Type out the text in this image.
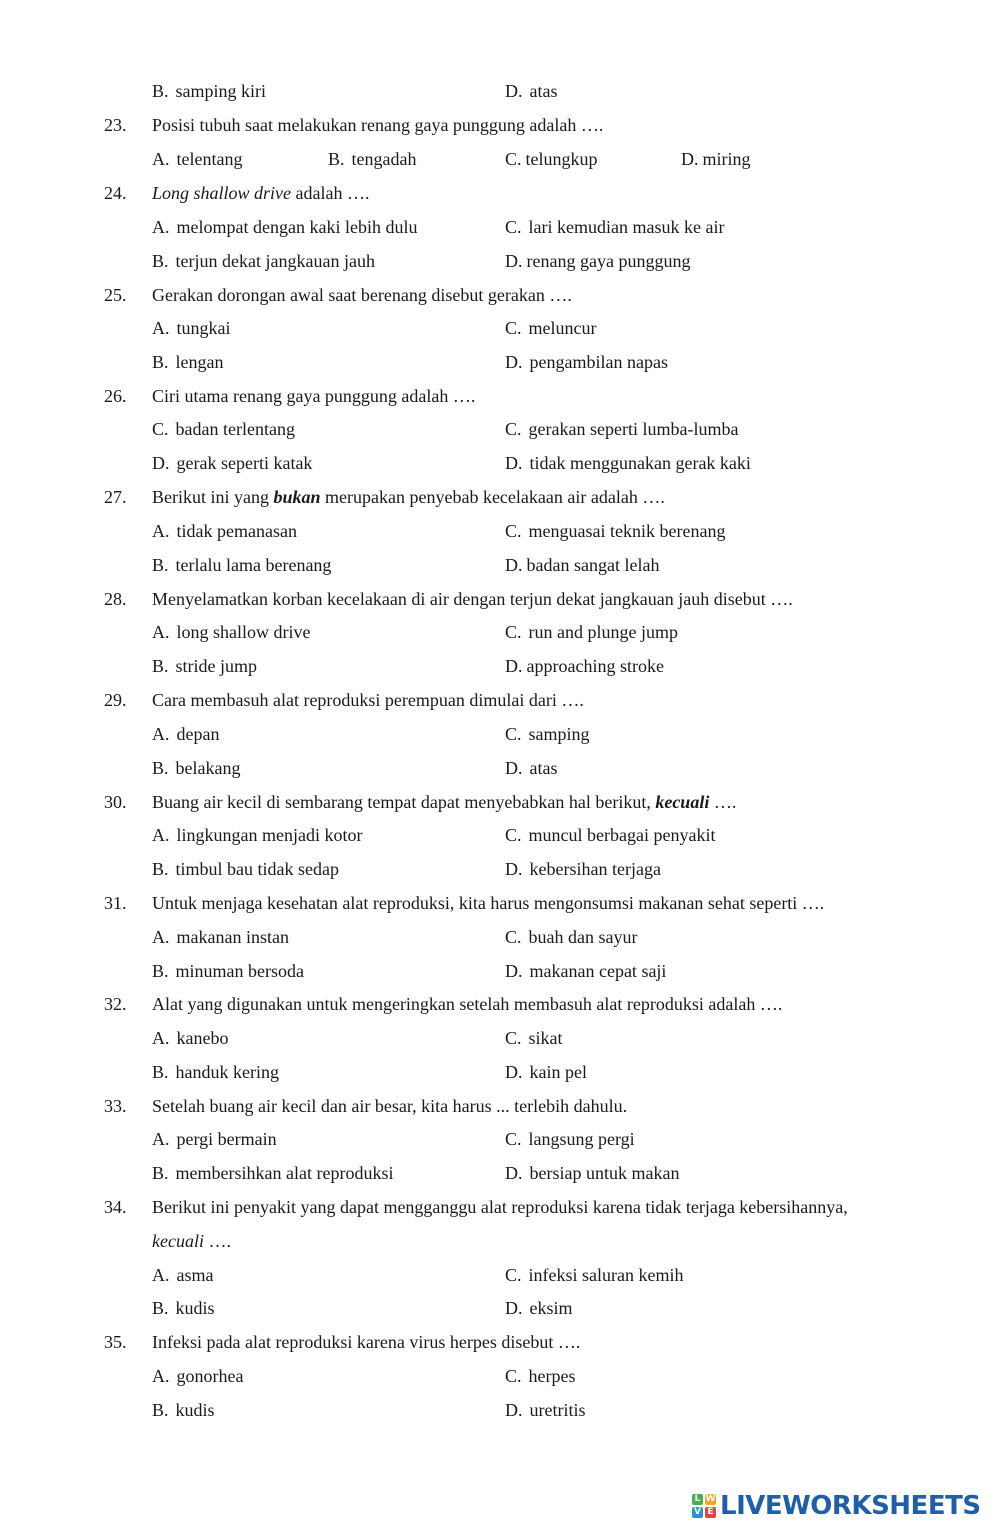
B. samping kiri	D. atas
23. Posisi tubuh saat melakukan renang gaya punggung adalah ….
A. telentang	B. tengadah	C. telungkup	D. miring
24. Long shallow drive adalah ….
A. melompat dengan kaki lebih dulu	C. lari kemudian masuk ke air
B. terjun dekat jangkauan jauh	D. renang gaya punggung
25. Gerakan dorongan awal saat berenang disebut gerakan ….
A. tungkai	C. meluncur
B. lengan	D. pengambilan napas
26. Ciri utama renang gaya punggung adalah ….
C. badan terlentang	C. gerakan seperti lumba-lumba
D. gerak seperti katak	D. tidak menggunakan gerak kaki
27. Berikut ini yang bukan merupakan penyebab kecelakaan air adalah ….
A. tidak pemanasan	C. menguasai teknik berenang
B. terlalu lama berenang	D. badan sangat lelah
28. Menyelamatkan korban kecelakaan di air dengan terjun dekat jangkauan jauh disebut ….
A. long shallow drive	C. run and plunge jump
B. stride jump	D. approaching stroke
29. Cara membasuh alat reproduksi perempuan dimulai dari ….
A. depan	C. samping
B. belakang	D. atas
30. Buang air kecil di sembarang tempat dapat menyebabkan hal berikut, kecuali ….
A. lingkungan menjadi kotor	C. muncul berbagai penyakit
B. timbul bau tidak sedap	D. kebersihan terjaga
31. Untuk menjaga kesehatan alat reproduksi, kita harus mengonsumsi makanan sehat seperti ….
A. makanan instan	C. buah dan sayur
B. minuman bersoda	D. makanan cepat saji
32. Alat yang digunakan untuk mengeringkan setelah membasuh alat reproduksi adalah ….
A. kanebo	C. sikat
B. handuk kering	D. kain pel
33. Setelah buang air kecil dan air besar, kita harus ... terlebih dahulu.
A. pergi bermain	C. langsung pergi
B. membersihkan alat reproduksi	D. bersiap untuk makan
34. Berikut ini penyakit yang dapat mengganggu alat reproduksi karena tidak terjaga kebersihannya,
kecuali ….
A. asma	C. infeksi saluran kemih
B. kudis	D. eksim
35. Infeksi pada alat reproduksi karena virus herpes disebut ….
A. gonorhea	C. herpes
B. kudis	D. uretritis
L W
V E LIVEWORKSHEETS
